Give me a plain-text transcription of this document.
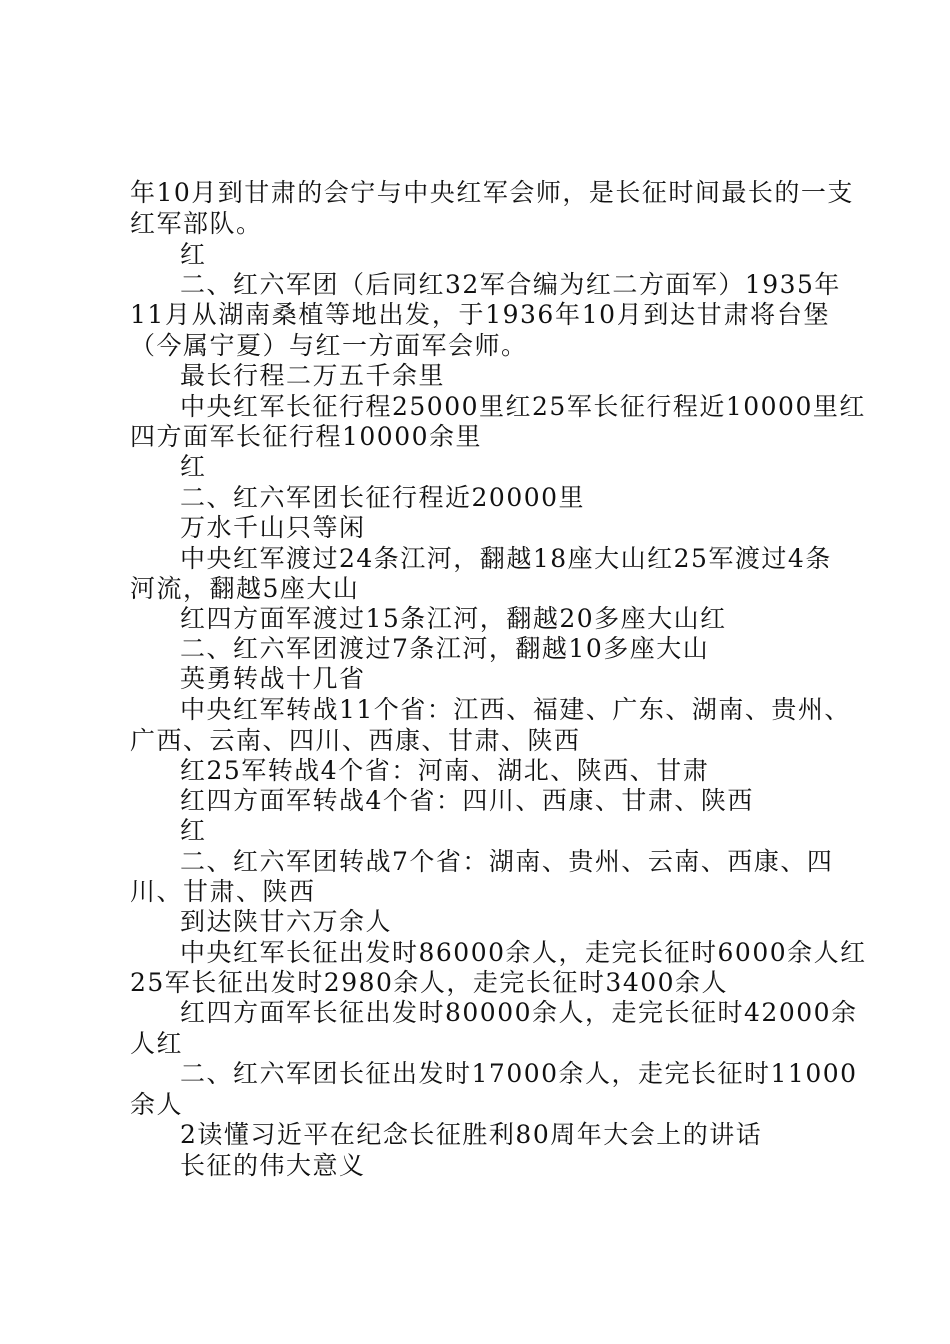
年10月到甘肃的会宁与中央红军会师，是长征时间最长的一支
红军部队。
红
二、红六军团（后同红32军合编为红二方面军）1935年
11月从湖南桑植等地出发，于1936年10月到达甘肃将台堡
（今属宁夏）与红一方面军会师。
最长行程二万五千余里
中央红军长征行程25000里红25军长征行程近10000里红
四方面军长征行程10000余里
红
二、红六军团长征行程近20000里
万水千山只等闲
中央红军渡过24条江河，翻越18座大山红25军渡过4条
河流，翻越5座大山
红四方面军渡过15条江河，翻越20多座大山红
二、红六军团渡过7条江河，翻越10多座大山
英勇转战十几省
中央红军转战11个省：江西、福建、广东、湖南、贵州、
广西、云南、四川、西康、甘肃、陕西
红25军转战4个省：河南、湖北、陕西、甘肃
红四方面军转战4个省：四川、西康、甘肃、陕西
红
二、红六军团转战7个省：湖南、贵州、云南、西康、四
川、甘肃、陕西
到达陕甘六万余人
中央红军长征出发时86000余人，走完长征时6000余人红
25军长征出发时2980余人，走完长征时3400余人
红四方面军长征出发时80000余人，走完长征时42000余
人红
二、红六军团长征出发时17000余人，走完长征时11000
余人
2读懂习近平在纪念长征胜利80周年大会上的讲话
长征的伟大意义
